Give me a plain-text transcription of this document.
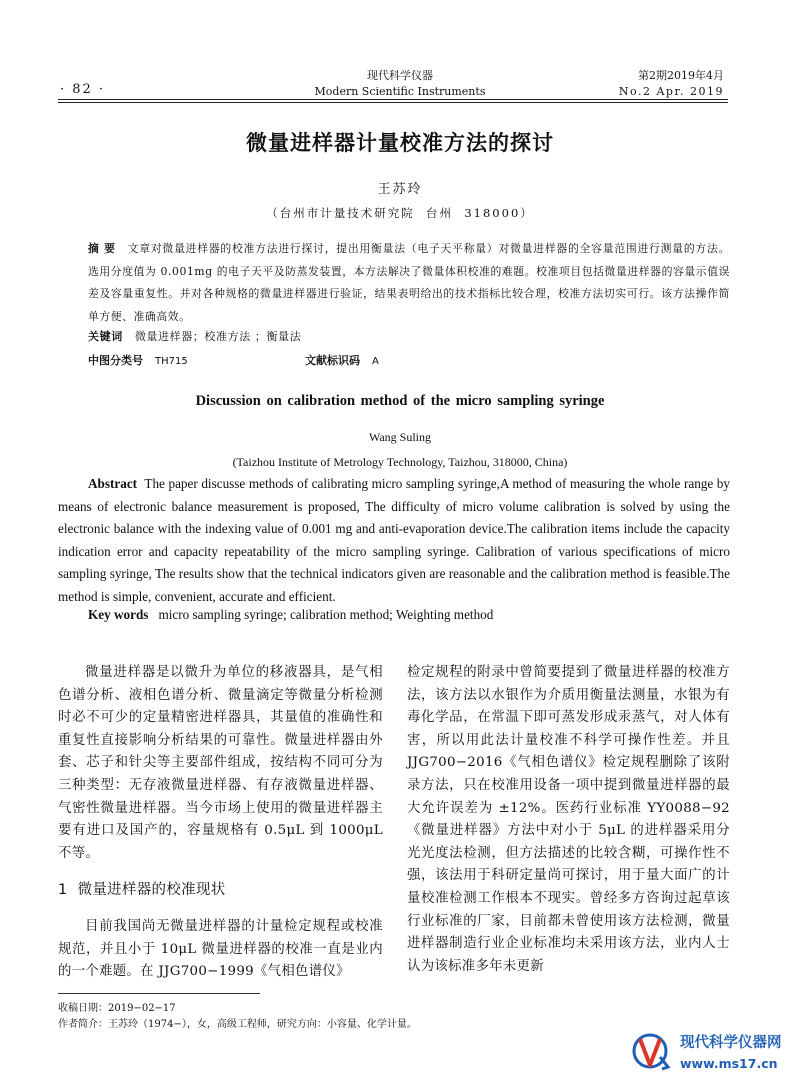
· 82 ·
现代科学仪器
Modern Scientific Instruments
第2期2019年4月
No.2 Apr. 2019
微量进样器计量校准方法的探讨
王苏玲
（台州市计量技术研究院  台州  318000）
摘 要 文章对微量进样器的校准方法进行探讨，提出用衡量法（电子天平称量）对微量进样器的全容量范围进行测量的方法。选用分度值为 0.001mg 的电子天平及防蒸发装置，本方法解决了微量体积校准的难题。校准项目包括微量进样器的容量示值误差及容量重复性。并对各种规格的微量进样器进行验证，结果表明给出的技术指标比较合理，校准方法切实可行。该方法操作简单方便、准确高效。
关键词 微量进样器；校准方法 ；衡量法
中图分类号 TH715	文献标识码 A
Discussion on calibration method of the micro sampling syringe
Wang Suling
(Taizhou Institute of Metrology Technology, Taizhou, 318000, China)
Abstract The paper discusse methods of calibrating micro sampling syringe,A method of measuring the whole range by means of electronic balance measurement is proposed, The difficulty of micro volume calibration is solved by using the electronic balance with the indexing value of 0.001 mg and anti-evaporation device.The calibration items include the capacity indication error and capacity repeatability of the micro sampling syringe. Calibration of various specifications of micro sampling syringe, The results show that the technical indicators given are reasonable and the calibration method is feasible.The method is simple, convenient, accurate and efficient.
Key words micro sampling syringe; calibration method; Weighting method

微量进样器是以微升为单位的移液器具，是气相色谱分析、液相色谱分析、微量滴定等微量分析检测时必不可少的定量精密进样器具，其量值的准确性和重复性直接影响分析结果的可靠性。微量进样器由外套、芯子和针尖等主要部件组成，按结构不同可分为三种类型：无存液微量进样器、有存液微量进样器、气密性微量进样器。当今市场上使用的微量进样器主要有进口及国产的，容量规格有 0.5μL 到 1000μL 不等。

1 微量进样器的校准现状

目前我国尚无微量进样器的计量检定规程或校准规范，并且小于 10μL 微量进样器的校准一直是业内的一个难题。在 JJG700−1999《气相色谱仪》

检定规程的附录中曾简要提到了微量进样器的校准方法，该方法以水银作为介质用衡量法测量，水银为有毒化学品，在常温下即可蒸发形成汞蒸气，对人体有害，所以用此法计量校准不科学可操作性差。并且 JJG700−2016《气相色谱仪》检定规程删除了该附录方法，只在校准用设备一项中提到微量进样器的最大允许误差为 ±12%。医药行业标准 YY0088−92《微量进样器》方法中对小于 5μL 的进样器采用分光光度法检测，但方法描述的比较含糊，可操作性不强，该法用于科研定量尚可探讨，用于量大面广的计量校准检测工作根本不现实。曾经多方咨询过起草该行业标准的厂家，目前都未曾使用该方法检测，微量进样器制造行业企业标准均未采用该方法，业内人士认为该标准多年未更新

收稿日期：2019−02−17
作者简介：王苏玲（1974−），女，高级工程师，研究方向：小容量、化学计量。
现代科学仪器网
www.ms17.cn
